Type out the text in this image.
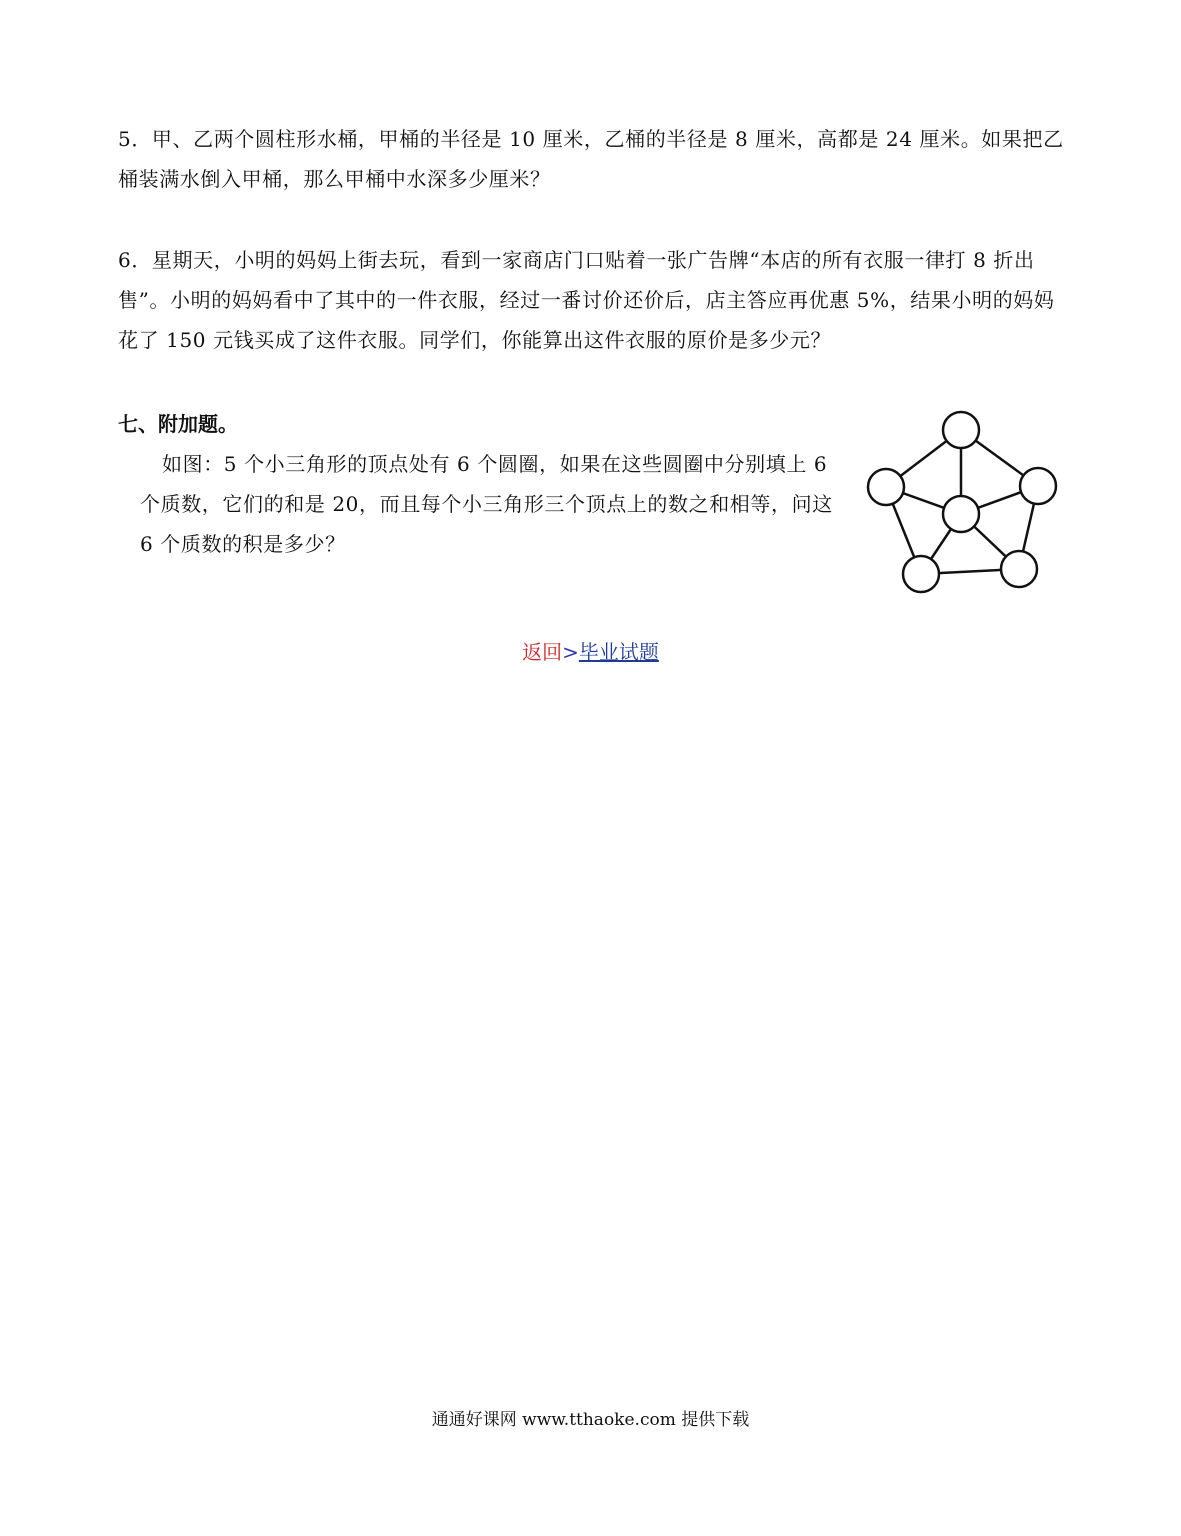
5．甲、乙两个圆柱形水桶，甲桶的半径是 10 厘米，乙桶的半径是 8 厘米，高都是 24 厘米。如果把乙桶装满水倒入甲桶，那么甲桶中水深多少厘米？

6．星期天，小明的妈妈上街去玩，看到一家商店门口贴着一张广告牌“本店的所有衣服一律打 8 折出售”。小明的妈妈看中了其中的一件衣服，经过一番讨价还价后，店主答应再优惠 5%，结果小明的妈妈花了 150 元钱买成了这件衣服。同学们，你能算出这件衣服的原价是多少元？

七、附加题。

如图：5 个小三角形的顶点处有 6 个圆圈，如果在这些圆圈中分别填上 6 个质数，它们的和是 20，而且每个小三角形三个顶点上的数之和相等，问这 6 个质数的积是多少？

返回>毕业试题
通通好课网 www.tthaoke.com 提供下载
